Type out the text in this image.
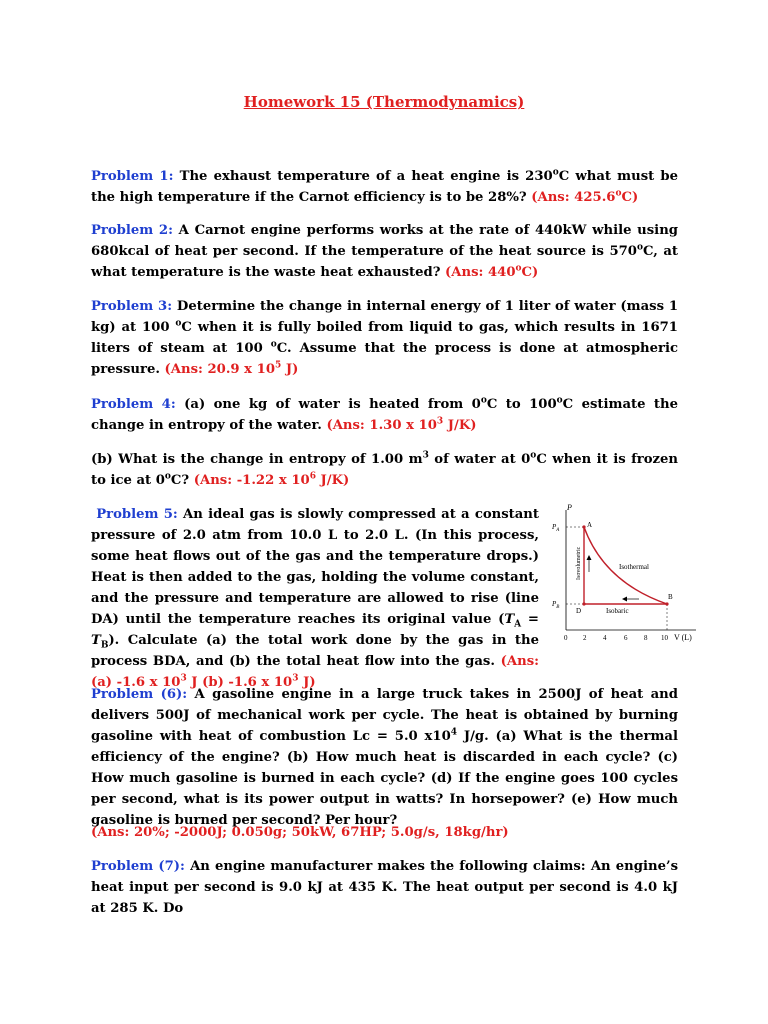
Homework 15 (Thermodynamics)
Problem 1: The exhaust temperature of a heat engine is 230$^o$C what must be the high temperature if the Carnot efficiency is to be 28%? (Ans: 425.6$^o$C)
Problem 2: A Carnot engine performs works at the rate of 440kW while using 680kcal of heat per second. If the temperature of the heat source is 570$^o$C, at what temperature is the waste heat exhausted? (Ans: 440$^o$C)
Problem 3: Determine the change in internal energy of 1 liter of water (mass 1 kg) at 100 $^o$C when it is fully boiled from liquid to gas, which results in 1671 liters of steam at 100 $^o$C. Assume that the process is done at atmospheric pressure. (Ans: 20.9 x $10^5$ J)
Problem 4: (a) one kg of water is heated from 0$^o$C to 100$^o$C estimate the change in entropy of the water. (Ans: 1.30 x $10^3$ J/K)
(b) What is the change in entropy of 1.00 $m^3$ of water at 0$^o$C when it is frozen to ice at 0$^o$C? (Ans: -1.22 x $10^6$ J/K)
Problem 5: An ideal gas is slowly compressed at a constant pressure of 2.0 atm from 10.0 L to 2.0 L. (In this process, some heat flows out of the gas and the temperature drops.) Heat is then added to the gas, holding the volume constant, and the pressure and temperature are allowed to rise (line DA) until the temperature reaches its original value $(T_A = T_B)$. Calculate (a) the total work done by the gas in the process BDA, and (b) the total heat flow into the gas. (Ans: (a) -1.6 x $10^3$ J (b) -1.6 x $10^3$ J)
P
V (L)
0 2 4	6 8 10
$P_A$
$P_B$
A
B
D
Isothermal
Isobaric
Isovolumetric
Problem (6): A gasoline engine in a large truck takes in 2500J of heat and delivers 500J of mechanical work per cycle. The heat is obtained by burning gasoline with heat of combustion Lc = 5.0 $x10^4$ J/g. (a) What is the thermal efficiency of the engine? (b) How much heat is discarded in each cycle? (c) How much gasoline is burned in each cycle? (d) If the engine goes 100 cycles per second, what is its power output in watts? In horsepower? (e) How much gasoline is burned per second? Per hour?
(Ans: 20%; -2000J; 0.050g; 50kW, 67HP; 5.0g/s, 18kg/hr)
Problem (7): An engine manufacturer makes the following claims: An engine’s heat input per second is 9.0 kJ at 435 K. The heat output per second is 4.0 kJ at 285 K. Do
